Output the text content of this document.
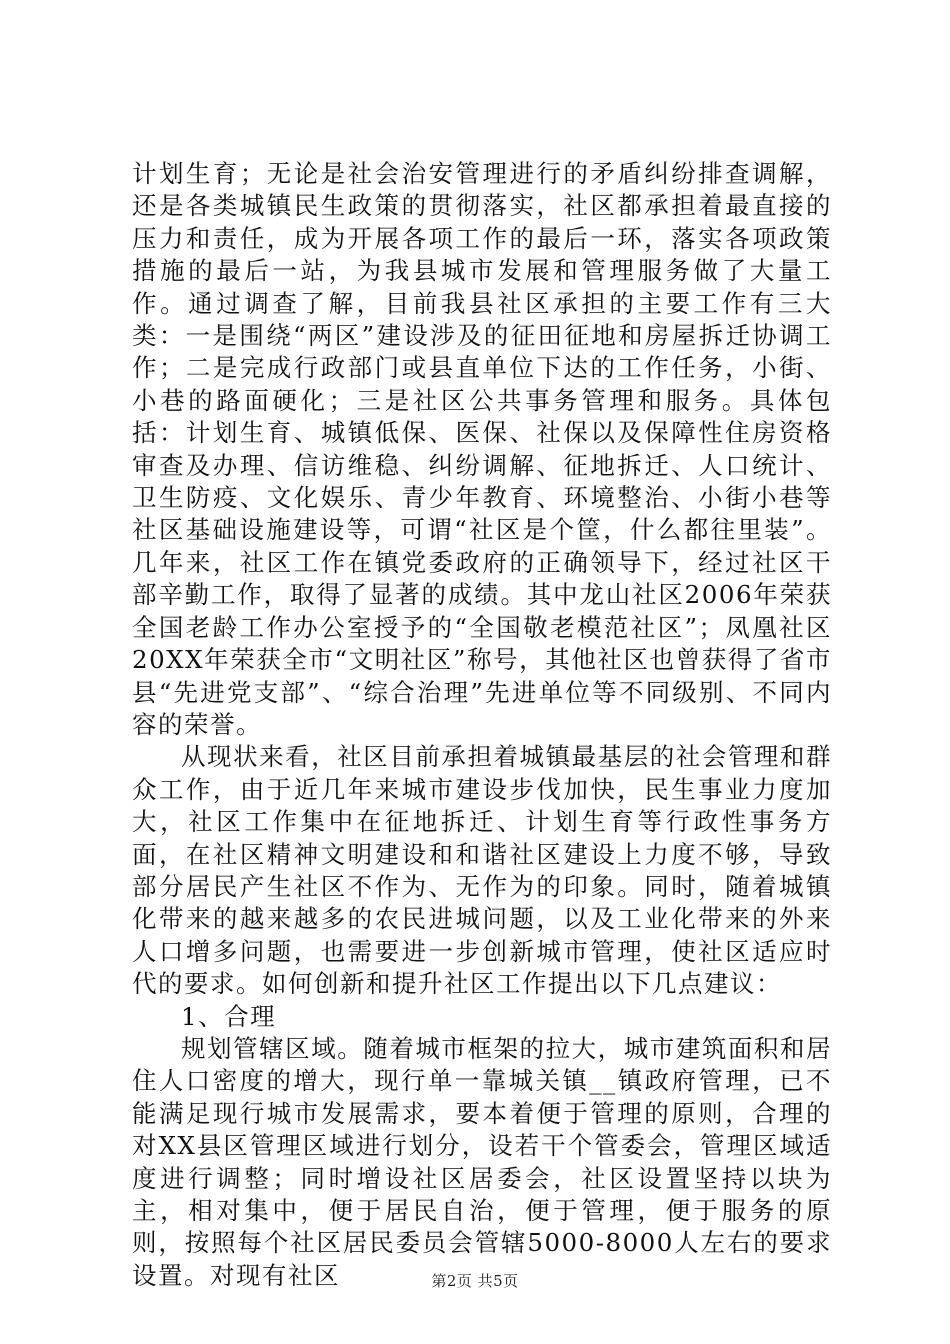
计划生育；无论是社会治安管理进行的矛盾纠纷排查调解，还是各类城镇民生政策的贯彻落实，社区都承担着最直接的压力和责任，成为开展各项工作的最后一环，落实各项政策措施的最后一站，为我县城市发展和管理服务做了大量工作。通过调查了解，目前我县社区承担的主要工作有三大类：一是围绕“两区”建设涉及的征田征地和房屋拆迁协调工作；二是完成行政部门或县直单位下达的工作任务，小街、小巷的路面硬化；三是社区公共事务管理和服务。具体包括：计划生育、城镇低保、医保、社保以及保障性住房资格审查及办理、信访维稳、纠纷调解、征地拆迁、人口统计、卫生防疫、文化娱乐、青少年教育、环境整治、小街小巷等社区基础设施建设等，可谓“社区是个筐，什么都往里装”。几年来，社区工作在镇党委政府的正确领导下，经过社区干部辛勤工作，取得了显著的成绩。其中龙山社区2006年荣获全国老龄工作办公室授予的“全国敬老模范社区”；凤凰社区20XX年荣获全市“文明社区”称号，其他社区也曾获得了省市县“先进党支部”、“综合治理”先进单位等不同级别、不同内容的荣誉。

从现状来看，社区目前承担着城镇最基层的社会管理和群众工作，由于近几年来城市建设步伐加快，民生事业力度加大，社区工作集中在征地拆迁、计划生育等行政性事务方面，在社区精神文明建设和和谐社区建设上力度不够，导致部分居民产生社区不作为、无作为的印象。同时，随着城镇化带来的越来越多的农民进城问题，以及工业化带来的外来人口增多问题，也需要进一步创新城市管理，使社区适应时代的要求。如何创新和提升社区工作提出以下几点建议：

1、合理

规划管辖区域。随着城市框架的拉大，城市建筑面积和居住人口密度的增大，现行单一靠城关镇__镇政府管理，已不能满足现行城市发展需求，要本着便于管理的原则，合理的对XX县区管理区域进行划分，设若干个管委会，管理区域适度进行调整；同时增设社区居委会，社区设置坚持以块为主，相对集中，便于居民自治，便于管理，便于服务的原则，按照每个社区居民委员会管辖5000-8000人左右的要求设置。对现有社区	第2页 共5页
